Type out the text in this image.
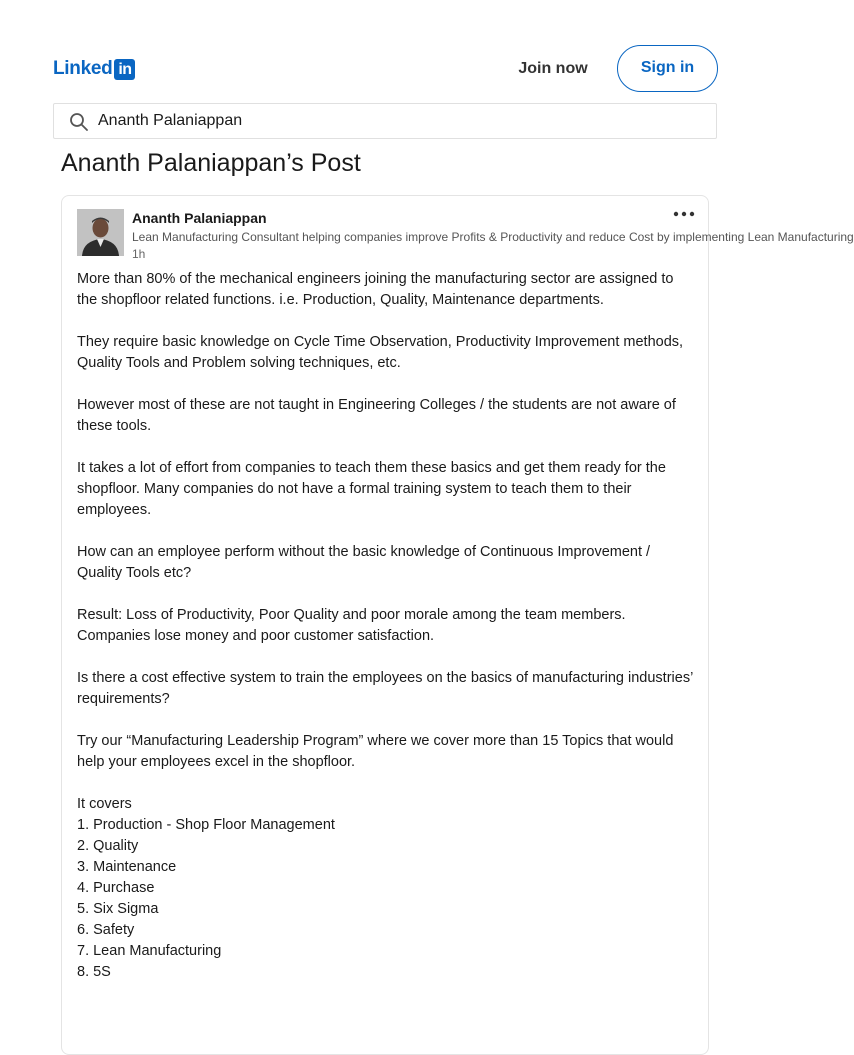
Linked in	Join now	Sign in
Ananth Palaniappan
Ananth Palaniappan’s Post
Ananth Palaniappan
Lean Manufacturing Consultant helping companies improve Profits & Productivity and reduce Cost by implementing Lean Manufacturing
1h

More than 80% of the mechanical engineers joining the manufacturing sector are assigned to the shopfloor related functions. i.e. Production, Quality, Maintenance departments.

They require basic knowledge on Cycle Time Observation, Productivity Improvement methods, Quality Tools and Problem solving techniques, etc.

However most of these are not taught in Engineering Colleges / the students are not aware of these tools.

It takes a lot of effort from companies to teach them these basics and get them ready for the shopfloor. Many companies do not have a formal training system to teach them to their employees.

How can an employee perform without the basic knowledge of Continuous Improvement / Quality Tools etc?

Result: Loss of Productivity, Poor Quality and poor morale among the team members. Companies lose money and poor customer satisfaction.

Is there a cost effective system to train the employees on the basics of manufacturing industries’ requirements?

Try our “Manufacturing Leadership Program” where we cover more than 15 Topics that would help your employees excel in the shopfloor.

It covers
1. Production - Shop Floor Management
2. Quality
3. Maintenance
4. Purchase
5. Six Sigma
6. Safety
7. Lean Manufacturing
8. 5S
